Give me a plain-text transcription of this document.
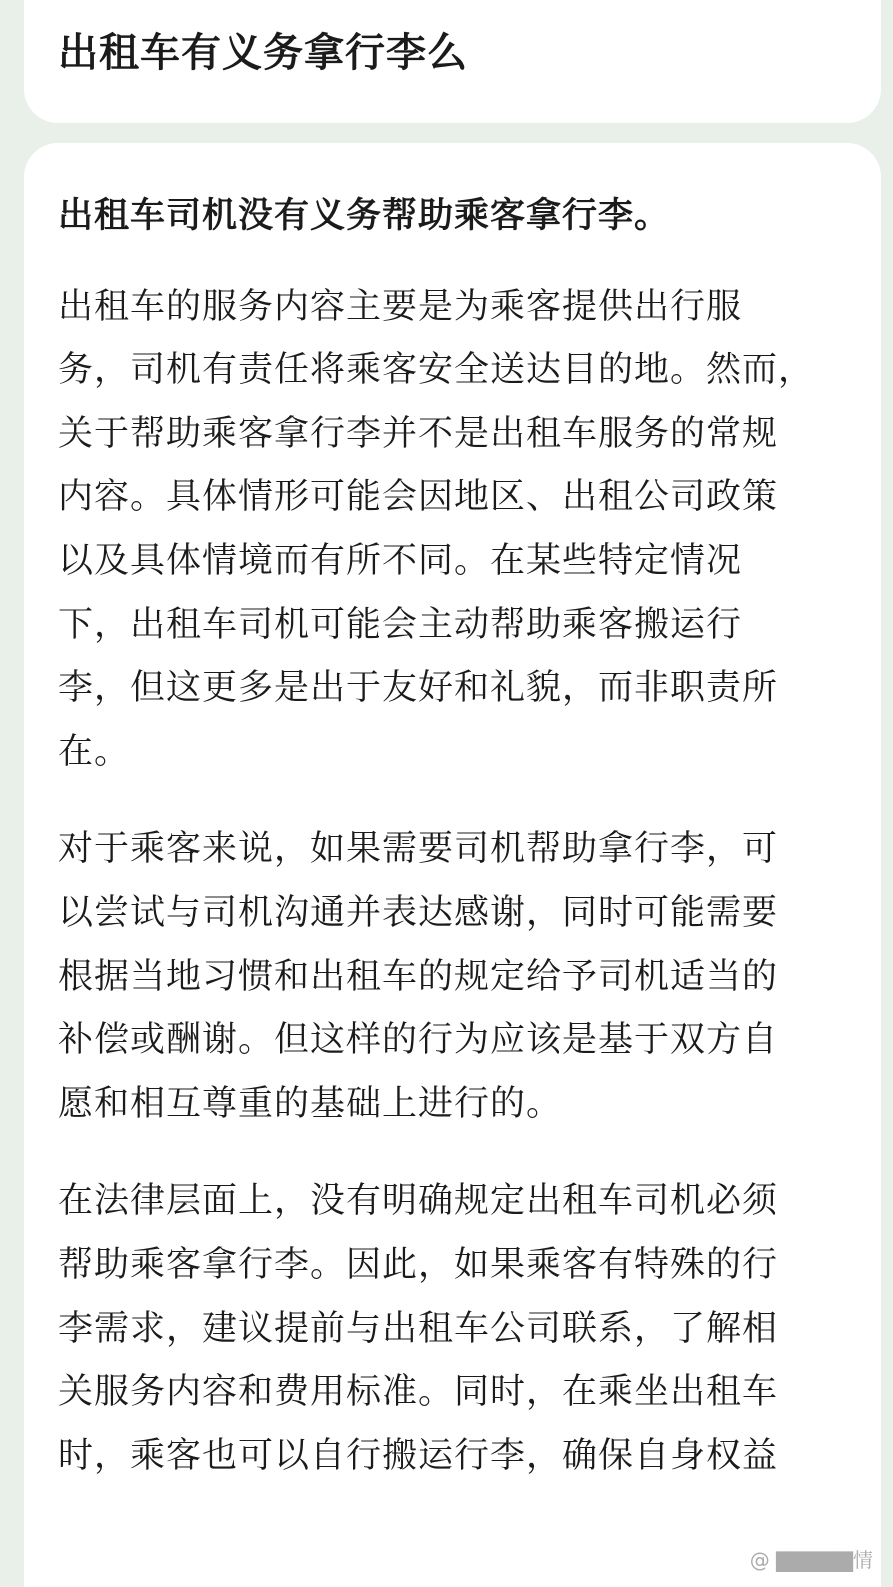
出租车有义务拿行李么

出租车司机没有义务帮助乘客拿行李。

出租车的服务内容主要是为乘客提供出行服
务，司机有责任将乘客安全送达目的地。然而，
关于帮助乘客拿行李并不是出租车服务的常规
内容。具体情形可能会因地区、出租公司政策
以及具体情境而有所不同。在某些特定情况
下，出租车司机可能会主动帮助乘客搬运行
李，但这更多是出于友好和礼貌，而非职责所
在。

对于乘客来说，如果需要司机帮助拿行李，可
以尝试与司机沟通并表达感谢，同时可能需要
根据当地习惯和出租车的规定给予司机适当的
补偿或酬谢。但这样的行为应该是基于双方自
愿和相互尊重的基础上进行的。

在法律层面上，没有明确规定出租车司机必须
帮助乘客拿行李。因此，如果乘客有特殊的行
李需求，建议提前与出租车公司联系，了解相
关服务内容和费用标准。同时，在乘坐出租车
时，乘客也可以自行搬运行李，确保自身权益

@ ▇▇▇▇▇情
